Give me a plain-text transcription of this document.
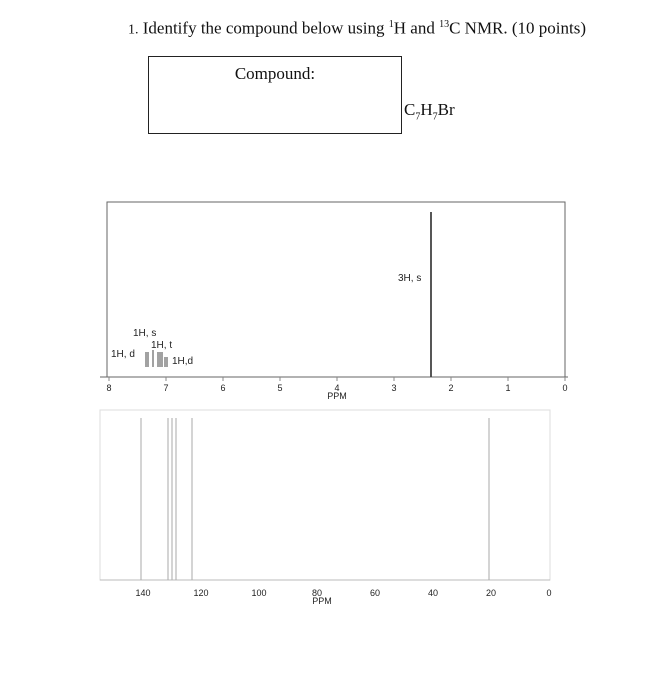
1. Identify the compound below using $^1$H and $^{13}$C NMR. (10 points)
Compound:
$C_7H_7Br$
8	7	6	5	4	3	2	1	0
PPM
3H, s
1H, s
1H, t
1H, d
1H,d
140	120	100	80	60	40	20	0
PPM
